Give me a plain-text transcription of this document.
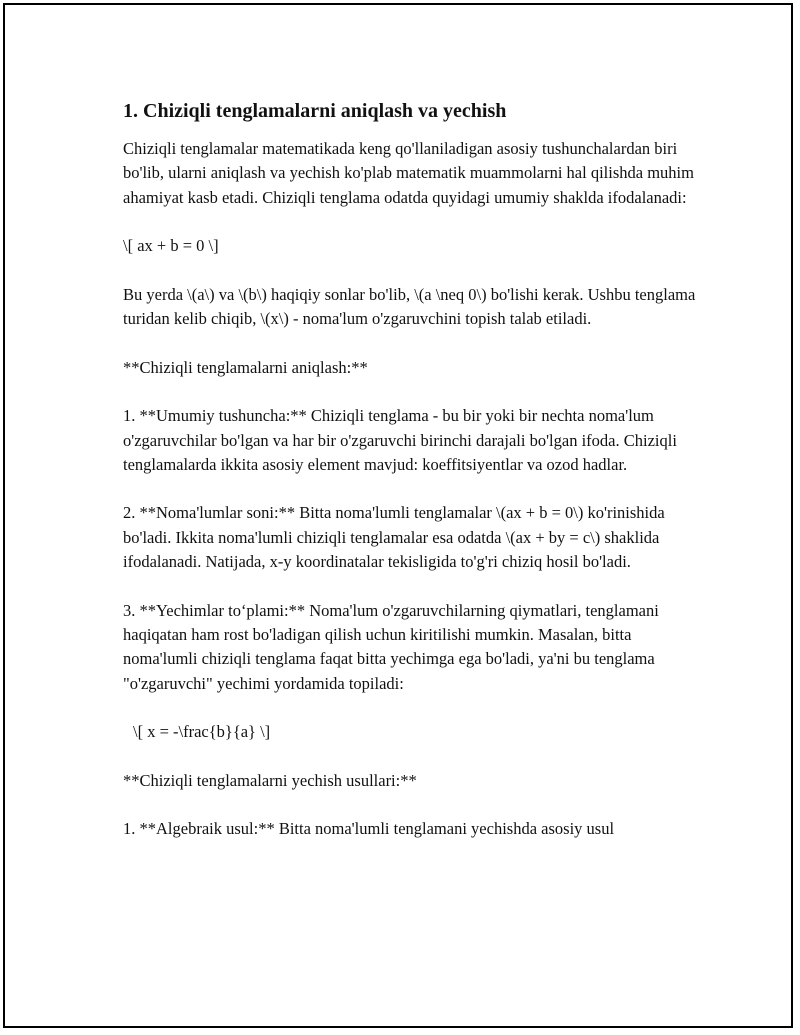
1. Chiziqli tenglamalarni aniqlash va yechish

Chiziqli tenglamalar matematikada keng qo'llaniladigan asosiy tushunchalardan biri bo'lib, ularni aniqlash va yechish ko'plab matematik muammolarni hal qilishda muhim ahamiyat kasb etadi. Chiziqli tenglama odatda quyidagi umumiy shaklda ifodalanadi:

\[ ax + b = 0 \]

Bu yerda \(a\) va \(b\) haqiqiy sonlar bo'lib, \(a \neq 0\) bo'lishi kerak. Ushbu tenglama turidan kelib chiqib, \(x\) - noma'lum o'zgaruvchini topish talab etiladi.

**Chiziqli tenglamalarni aniqlash:**

1. **Umumiy tushuncha:** Chiziqli tenglama - bu bir yoki bir nechta noma'lum o'zgaruvchilar bo'lgan va har bir o'zgaruvchi birinchi darajali bo'lgan ifoda. Chiziqli tenglamalarda ikkita asosiy element mavjud: koeffitsiyentlar va ozod hadlar.

2. **Noma'lumlar soni:** Bitta noma'lumli tenglamalar \(ax + b = 0\) ko'rinishida bo'ladi. Ikkita noma'lumli chiziqli tenglamalar esa odatda \(ax + by = c\) shaklida ifodalanadi. Natijada, x-y koordinatalar tekisligida to'g'ri chiziq hosil bo'ladi.

3. **Yechimlar to‘plami:** Noma'lum o'zgaruvchilarning qiymatlari, tenglamani haqiqatan ham rost bo'ladigan qilish uchun kiritilishi mumkin. Masalan, bitta noma'lumli chiziqli tenglama faqat bitta yechimga ega bo'ladi, ya'ni bu tenglama "o'zgaruvchi" yechimi yordamida topiladi:

\[ x = -\frac{b}{a} \]

**Chiziqli tenglamalarni yechish usullari:**

1. **Algebraik usul:** Bitta noma'lumli tenglamani yechishda asosiy usul
